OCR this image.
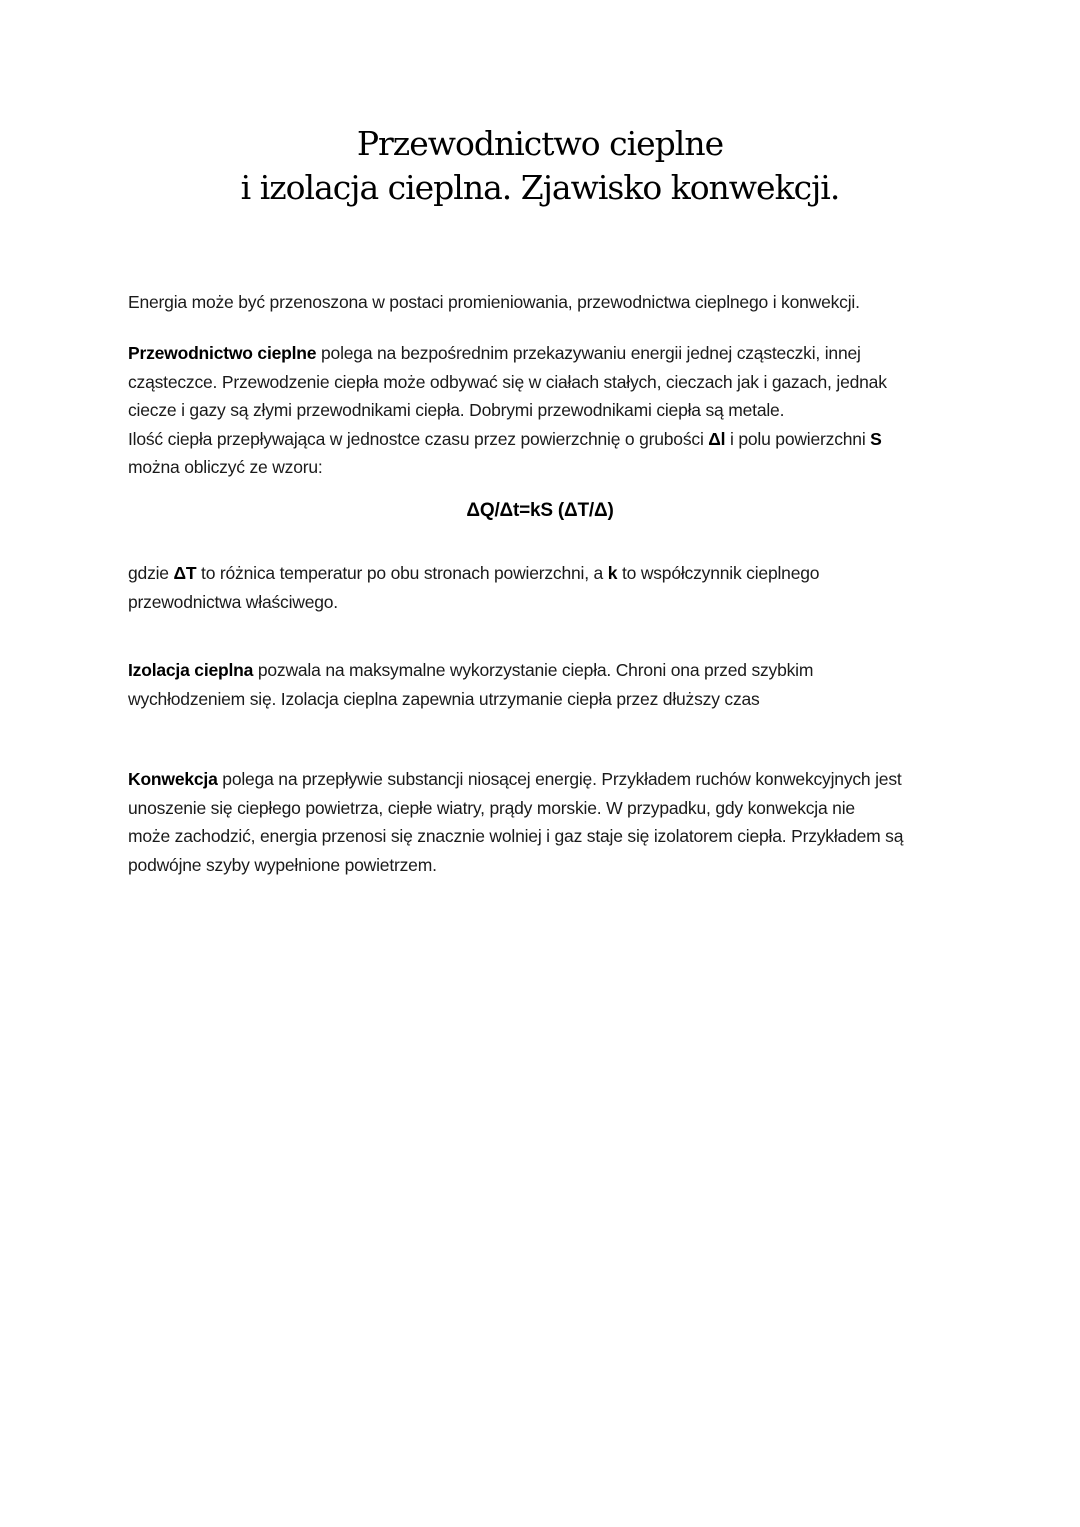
Przewodnictwo cieplne
i izolacja cieplna. Zjawisko konwekcji.
Energia może być przenoszona w postaci promieniowania, przewodnictwa cieplnego i konwekcji.
Przewodnictwo cieplne polega na bezpośrednim przekazywaniu energii jednej cząsteczki, innej
cząsteczce. Przewodzenie ciepła może odbywać się w ciałach stałych, cieczach jak i gazach, jednak
ciecze i gazy są złymi przewodnikami ciepła. Dobrymi przewodnikami ciepła są metale.
Ilość ciepła przepływająca w jednostce czasu przez powierzchnię o grubości Δl i polu powierzchni S
można obliczyć ze wzoru:
ΔQ/Δt=kS (ΔT/Δ)
gdzie ΔT to różnica temperatur po obu stronach powierzchni, a k to współczynnik cieplnego
przewodnictwa właściwego.
Izolacja cieplna pozwala na maksymalne wykorzystanie ciepła. Chroni ona przed szybkim
wychłodzeniem się. Izolacja cieplna zapewnia utrzymanie ciepła przez dłuższy czas
Konwekcja polega na przepływie substancji niosącej energię. Przykładem ruchów konwekcyjnych jest
unoszenie się ciepłego powietrza, ciepłe wiatry, prądy morskie. W przypadku, gdy konwekcja nie
może zachodzić, energia przenosi się znacznie wolniej i gaz staje się izolatorem ciepła. Przykładem są
podwójne szyby wypełnione powietrzem.
